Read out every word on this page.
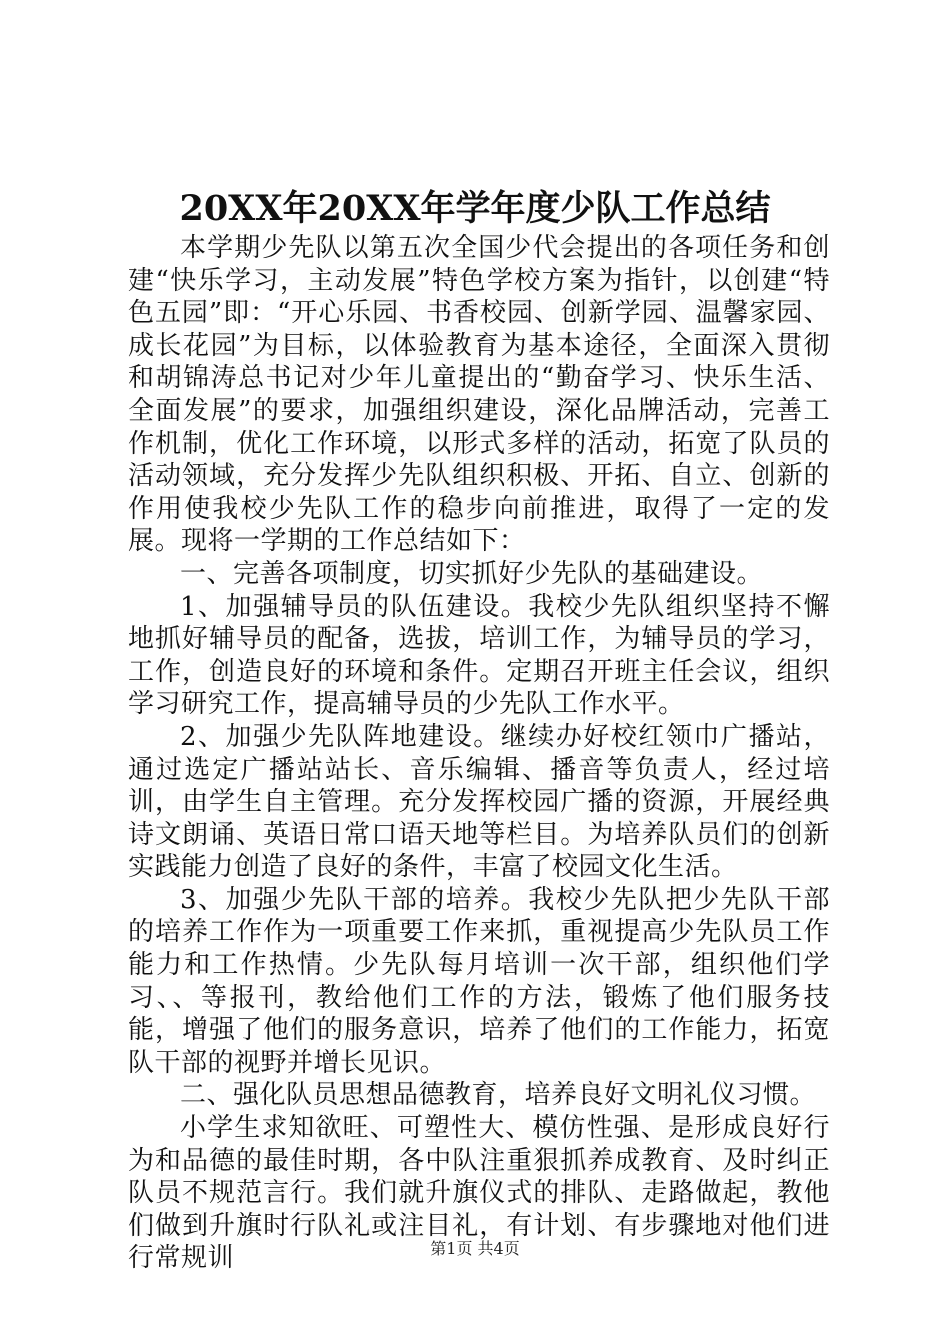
20XX年20XX年学年度少队工作总结

本学期少先队以第五次全国少代会提出的各项任务和创建“快乐学习，主动发展”特色学校方案为指针，以创建“特色五园”即：“开心乐园、书香校园、创新学园、温馨家园、成长花园”为目标，以体验教育为基本途径，全面深入贯彻和胡锦涛总书记对少年儿童提出的“勤奋学习、快乐生活、全面发展”的要求，加强组织建设，深化品牌活动，完善工作机制，优化工作环境，以形式多样的活动，拓宽了队员的活动领域，充分发挥少先队组织积极、开拓、自立、创新的作用使我校少先队工作的稳步向前推进，取得了一定的发展。现将一学期的工作总结如下：

一、完善各项制度，切实抓好少先队的基础建设。

1、加强辅导员的队伍建设。我校少先队组织坚持不懈地抓好辅导员的配备，选拔，培训工作，为辅导员的学习，工作，创造良好的环境和条件。定期召开班主任会议，组织学习研究工作，提高辅导员的少先队工作水平。

2、加强少先队阵地建设。继续办好校红领巾广播站，通过选定广播站站长、音乐编辑、播音等负责人，经过培训，由学生自主管理。充分发挥校园广播的资源，开展经典诗文朗诵、英语日常口语天地等栏目。为培养队员们的创新实践能力创造了良好的条件，丰富了校园文化生活。

3、加强少先队干部的培养。我校少先队把少先队干部的培养工作作为一项重要工作来抓，重视提高少先队员工作能力和工作热情。少先队每月培训一次干部，组织他们学习、、等报刊，教给他们工作的方法，锻炼了他们服务技能，增强了他们的服务意识，培养了他们的工作能力，拓宽队干部的视野并增长见识。

二、强化队员思想品德教育，培养良好文明礼仪习惯。

小学生求知欲旺、可塑性大、模仿性强、是形成良好行为和品德的最佳时期，各中队注重狠抓养成教育、及时纠正队员不规范言行。我们就升旗仪式的排队、走路做起，教他们做到升旗时行队礼或注目礼，有计划、有步骤地对他们进行常规训	第1页 共4页
